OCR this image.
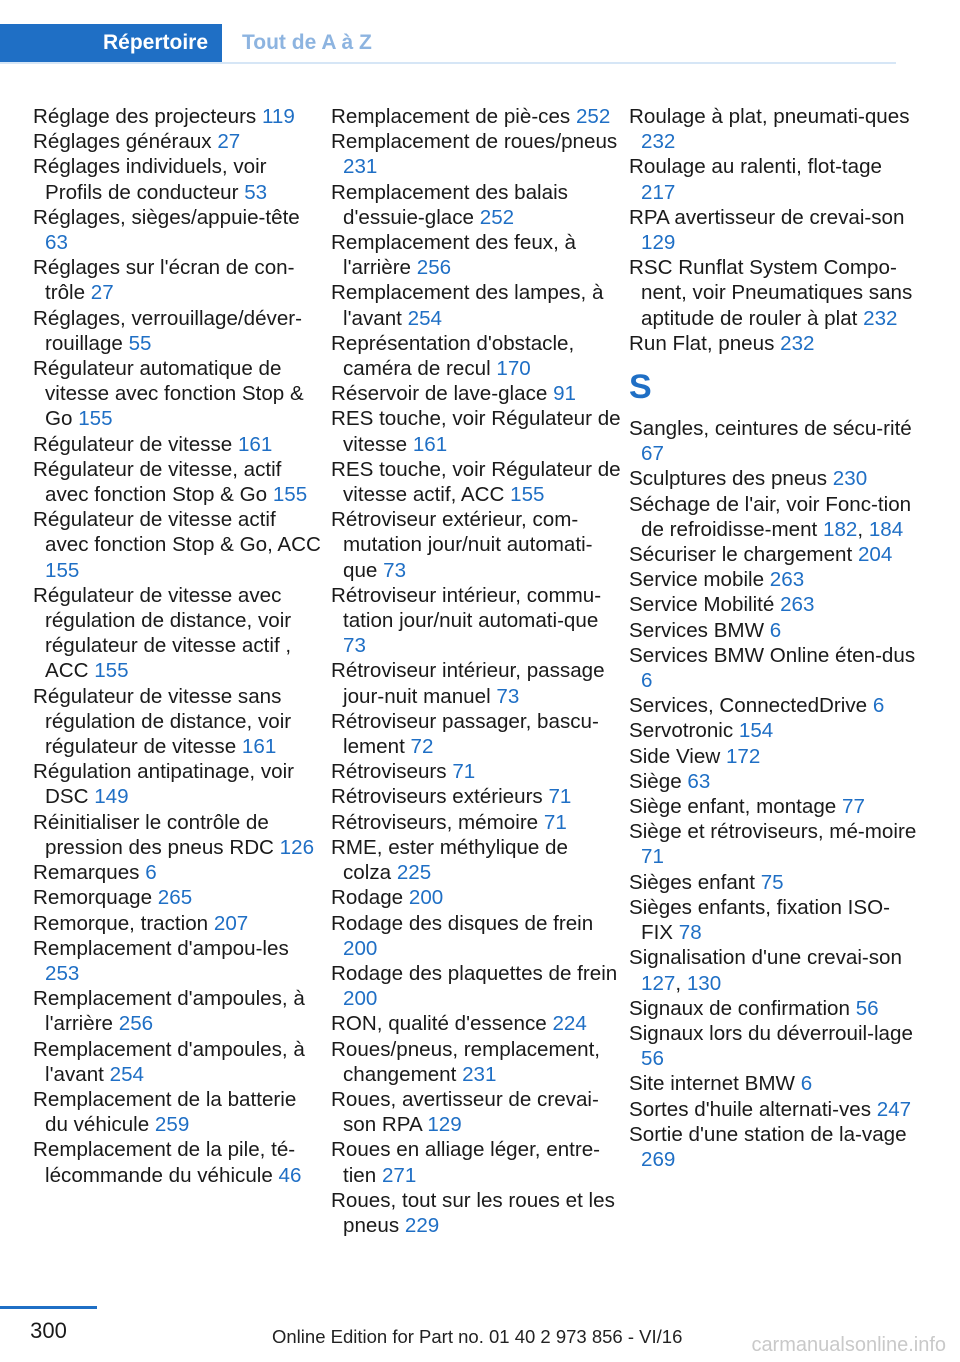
Répertoire	Tout de A à Z

Réglage des projecteurs 119

Réglages généraux 27

Réglages individuels, voir Profils de conducteur 53

Réglages, sièges/appuie-tête 63

Réglages sur l'écran de con-trôle 27

Réglages, verrouillage/déver-rouillage 55

Régulateur automatique de vitesse avec fonction Stop & Go 155

Régulateur de vitesse 161

Régulateur de vitesse, actif avec fonction Stop & Go 155

Régulateur de vitesse actif avec fonction Stop & Go, ACC 155

Régulateur de vitesse avec régulation de distance, voir régulateur de vitesse actif , ACC 155

Régulateur de vitesse sans régulation de distance, voir régulateur de vitesse 161

Régulation antipatinage, voir DSC 149

Réinitialiser le contrôle de pression des pneus RDC 126

Remarques 6

Remorquage 265

Remorque, traction 207

Remplacement d'ampou-les 253

Remplacement d'ampoules, à l'arrière 256

Remplacement d'ampoules, à l'avant 254

Remplacement de la batterie du véhicule 259

Remplacement de la pile, té-lécommande du véhicule 46

Remplacement de piè-ces 252

Remplacement de roues/pneus 231

Remplacement des balais d'essuie-glace 252

Remplacement des feux, à l'arrière 256

Remplacement des lampes, à l'avant 254

Représentation d'obstacle, caméra de recul 170

Réservoir de lave-glace 91

RES touche, voir Régulateur de vitesse 161

RES touche, voir Régulateur de vitesse actif, ACC 155

Rétroviseur extérieur, com-mutation jour/nuit automati-que 73

Rétroviseur intérieur, commu-tation jour/nuit automati-que 73

Rétroviseur intérieur, passage jour-nuit manuel 73

Rétroviseur passager, bascu-lement 72

Rétroviseurs 71

Rétroviseurs extérieurs 71

Rétroviseurs, mémoire 71

RME, ester méthylique de colza 225

Rodage 200

Rodage des disques de frein 200

Rodage des plaquettes de frein 200

RON, qualité d'essence 224

Roues/pneus, remplacement, changement 231

Roues, avertisseur de crevai-son RPA 129

Roues en alliage léger, entre-tien 271

Roues, tout sur les roues et les pneus 229

Roulage à plat, pneumati-ques 232

Roulage au ralenti, flot-tage 217

RPA avertisseur de crevai-son 129

RSC Runflat System Compo-nent, voir Pneumatiques sans aptitude de rouler à plat 232

Run Flat, pneus 232

S

Sangles, ceintures de sécu-rité 67

Sculptures des pneus 230

Séchage de l'air, voir Fonc-tion de refroidisse-ment 182, 184

Sécuriser le chargement 204

Service mobile 263

Service Mobilité 263

Services BMW 6

Services BMW Online éten-dus 6

Services, ConnectedDrive 6

Servotronic 154

Side View 172

Siège 63

Siège enfant, montage 77

Siège et rétroviseurs, mé-moire 71

Sièges enfant 75

Sièges enfants, fixation ISO-FIX 78

Signalisation d'une crevai-son 127, 130

Signaux de confirmation 56

Signaux lors du déverrouil-lage 56

Site internet BMW 6

Sortes d'huile alternati-ves 247

Sortie d'une station de la-vage 269

300	Online Edition for Part no. 01 40 2 973 856 - VI/16	carmanualsonline.info
